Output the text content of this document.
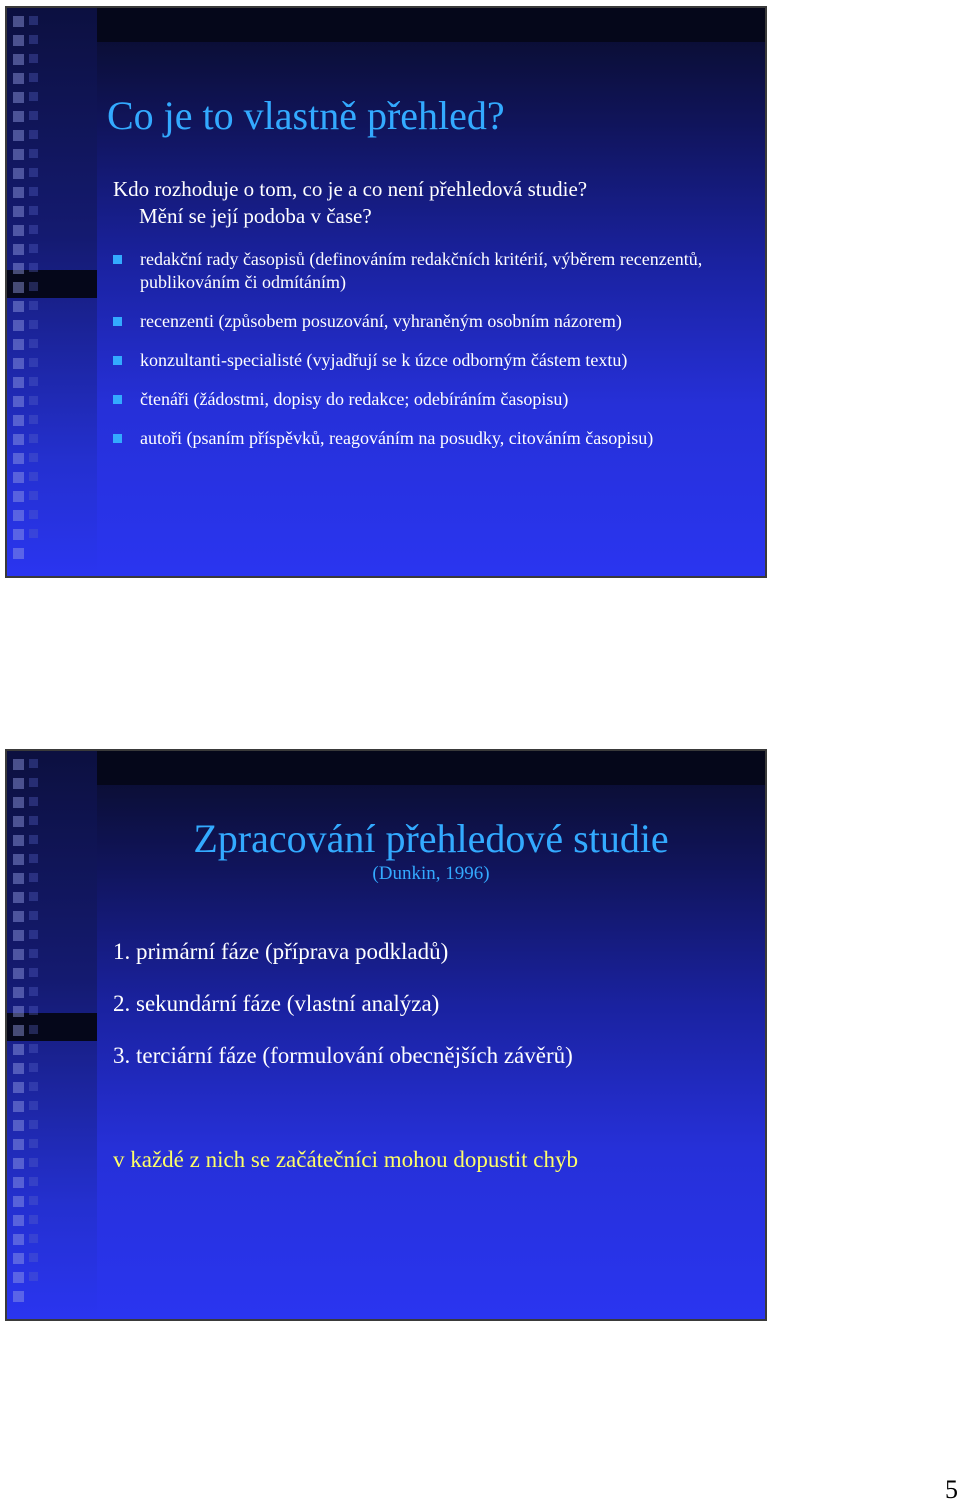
Co je to vlastně přehled?
Kdo rozhoduje o tom, co je a co není přehledová studie?
Mění se její podoba v čase?
redakční rady časopisů (definováním redakčních kritérií, výběrem recenzentů, publikováním či odmítáním)
recenzenti (způsobem posuzování, vyhraněným osobním názorem)
konzultanti-specialisté (vyjadřují se k úzce odborným částem textu)
čtenáři (žádostmi, dopisy do redakce; odebíráním časopisu)
autoři (psaním příspěvků, reagováním na posudky, citováním časopisu)
Zpracování přehledové studie
(Dunkin, 1996)
1. primární fáze (příprava podkladů)
2. sekundární fáze (vlastní analýza)
3. terciární fáze (formulování obecnějších závěrů)
v každé z nich se začátečníci mohou dopustit chyb
5
